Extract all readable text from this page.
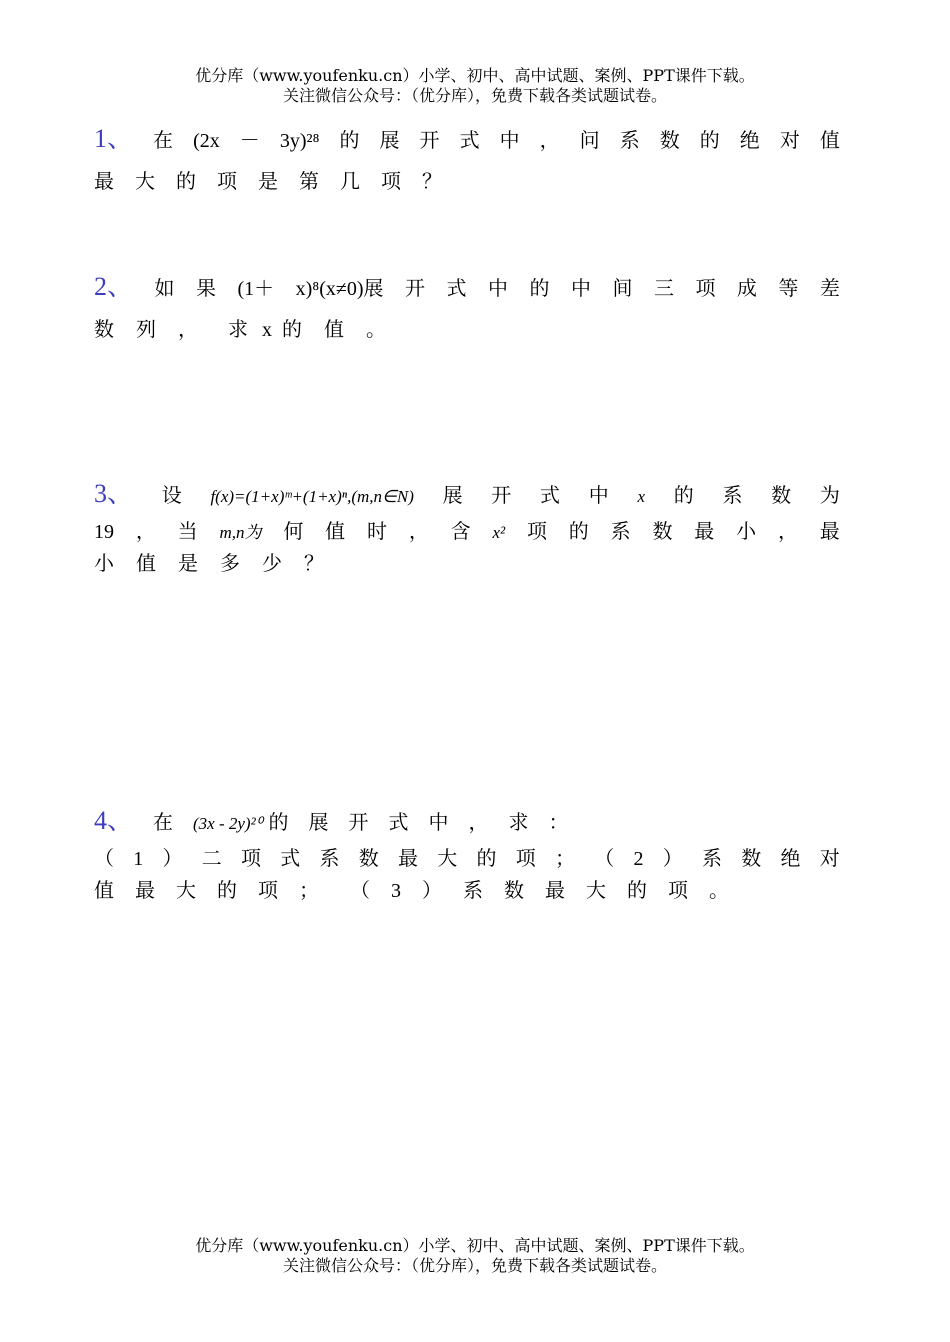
优分库（www.youfenku.cn）小学、初中、高中试题、案例、PPT课件下载。
关注微信公众号：（优分库），免费下载各类试题试卷。
1、 在 (2x － 3y)²⁸ 的 展 开 式 中 ， 问 系 数 的 绝 对 值
最 大 的 项 是 第 几 项 ？
2、 如 果 (1＋ x)⁸(x≠0)展 开 式 中 的 中 间 三 项 成 等 差
数 列 ， 求 x 的 值 。
3、 设 f(x)=(1+x)ᵐ+(1+x)ⁿ,(m,n∈N) 展 开 式 中 x 的 系 数 为
19 ， 当 m,n为 何 值 时 ， 含 x² 项 的 系 数 最 小 ， 最
小 值 是 多 少 ？
4、 在 (3x - 2y)²⁰ 的 展 开 式 中 ， 求 ：
（ 1 ） 二 项 式 系 数 最 大 的 项 ； （ 2 ） 系 数 绝 对
值 最 大 的 项 ； （ 3 ） 系 数 最 大 的 项 。
优分库（www.youfenku.cn）小学、初中、高中试题、案例、PPT课件下载。
关注微信公众号：（优分库），免费下载各类试题试卷。
